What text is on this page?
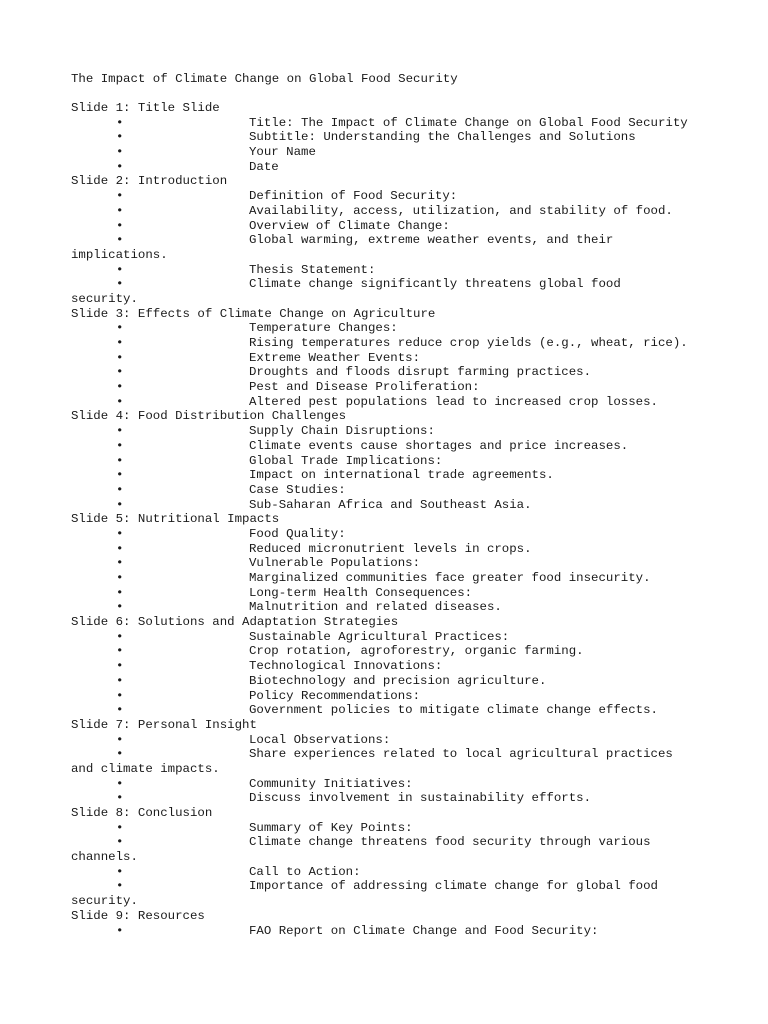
The Impact of Climate Change on Global Food Security
Slide 1: Title Slide
•	Title: The Impact of Climate Change on Global Food Security
•	Subtitle: Understanding the Challenges and Solutions
•	Your Name
•	Date
Slide 2: Introduction
•	Definition of Food Security:
•	Availability, access, utilization, and stability of food.
•	Overview of Climate Change:
•	Global warming, extreme weather events, and their
implications.
•	Thesis Statement:
•	Climate change significantly threatens global food
security.
Slide 3: Effects of Climate Change on Agriculture
•	Temperature Changes:
•	Rising temperatures reduce crop yields (e.g., wheat, rice).
•	Extreme Weather Events:
•	Droughts and floods disrupt farming practices.
•	Pest and Disease Proliferation:
•	Altered pest populations lead to increased crop losses.
Slide 4: Food Distribution Challenges
•	Supply Chain Disruptions:
•	Climate events cause shortages and price increases.
•	Global Trade Implications:
•	Impact on international trade agreements.
•	Case Studies:
•	Sub-Saharan Africa and Southeast Asia.
Slide 5: Nutritional Impacts
•	Food Quality:
•	Reduced micronutrient levels in crops.
•	Vulnerable Populations:
•	Marginalized communities face greater food insecurity.
•	Long-term Health Consequences:
•	Malnutrition and related diseases.
Slide 6: Solutions and Adaptation Strategies
•	Sustainable Agricultural Practices:
•	Crop rotation, agroforestry, organic farming.
•	Technological Innovations:
•	Biotechnology and precision agriculture.
•	Policy Recommendations:
•	Government policies to mitigate climate change effects.
Slide 7: Personal Insight
•	Local Observations:
•	Share experiences related to local agricultural practices
and climate impacts.
•	Community Initiatives:
•	Discuss involvement in sustainability efforts.
Slide 8: Conclusion
•	Summary of Key Points:
•	Climate change threatens food security through various
channels.
•	Call to Action:
•	Importance of addressing climate change for global food
security.
Slide 9: Resources
•	FAO Report on Climate Change and Food Security:
